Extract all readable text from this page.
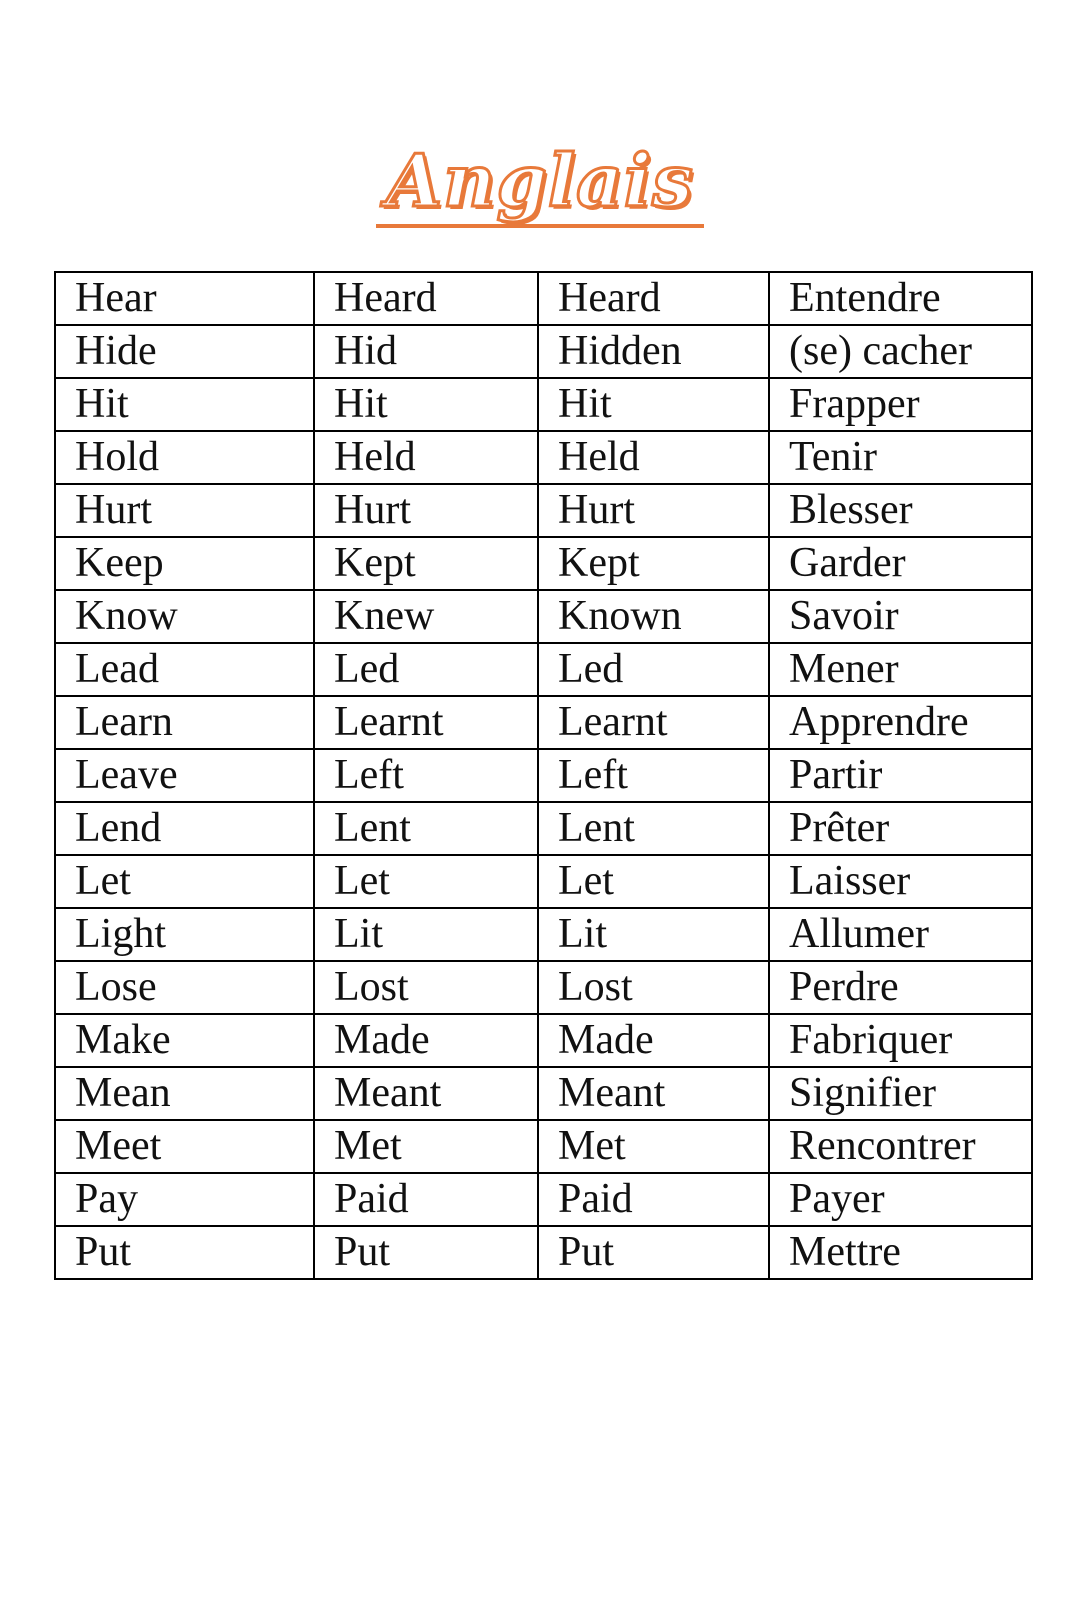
Anglais
Hear	Heard	Heard	Entendre
Hide	Hid	Hidden	(se) cacher
Hit	Hit	Hit	Frapper
Hold	Held	Held	Tenir
Hurt	Hurt	Hurt	Blesser
Keep	Kept	Kept	Garder
Know	Knew	Known	Savoir
Lead	Led	Led	Mener
Learn	Learnt	Learnt	Apprendre
Leave	Left	Left	Partir
Lend	Lent	Lent	Prêter
Let	Let	Let	Laisser
Light	Lit	Lit	Allumer
Lose	Lost	Lost	Perdre
Make	Made	Made	Fabriquer
Mean	Meant	Meant	Signifier
Meet	Met	Met	Rencontrer
Pay	Paid	Paid	Payer
Put	Put	Put	Mettre
